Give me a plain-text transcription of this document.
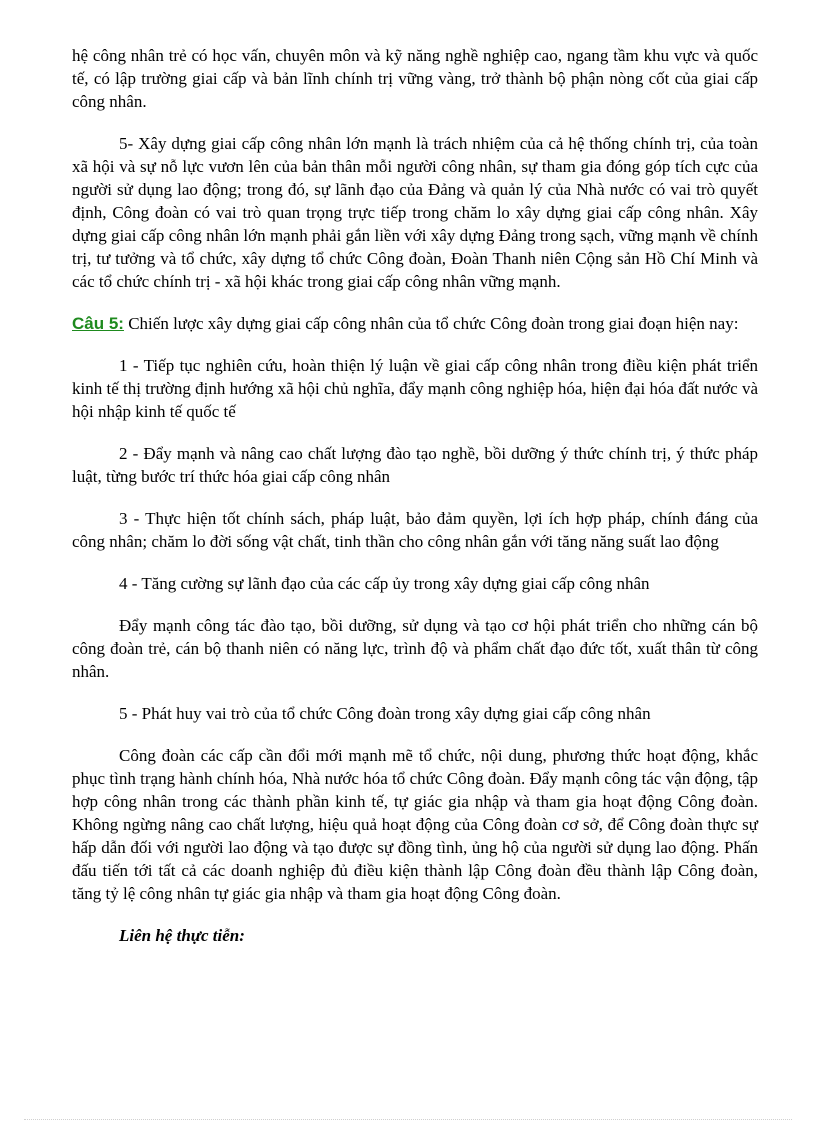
hệ công nhân trẻ có học vấn, chuyên môn và kỹ năng nghề nghiệp cao, ngang tầm khu vực và quốc tế, có lập trường giai cấp và bản lĩnh chính trị vững vàng, trở thành bộ phận nòng cốt của giai cấp công nhân.

5- Xây dựng giai cấp công nhân lớn mạnh là trách nhiệm của cả hệ thống chính trị, của toàn xã hội và sự nỗ lực vươn lên của bản thân mỗi người công nhân, sự tham gia đóng góp tích cực của người sử dụng lao động; trong đó, sự lãnh đạo của Đảng và quản lý của Nhà nước có vai trò quyết định, Công đoàn có vai trò quan trọng trực tiếp trong chăm lo xây dựng giai cấp công nhân. Xây dựng giai cấp công nhân lớn mạnh phải gắn liền với xây dựng Đảng trong sạch, vững mạnh về chính trị, tư tưởng và tổ chức, xây dựng tổ chức Công đoàn, Đoàn Thanh niên Cộng sản Hồ Chí Minh và các tổ chức chính trị - xã hội khác trong giai cấp công nhân vững mạnh.

Câu 5: Chiến lược xây dựng giai cấp công nhân của tổ chức Công đoàn trong giai đoạn hiện nay:

1 - Tiếp tục nghiên cứu, hoàn thiện lý luận về giai cấp công nhân trong điều kiện phát triển kinh tế thị trường định hướng xã hội chủ nghĩa, đẩy mạnh công nghiệp hóa, hiện đại hóa đất nước và hội nhập kinh tế quốc tế

2 - Đẩy mạnh và nâng cao chất lượng đào tạo nghề, bồi dưỡng ý thức chính trị, ý thức pháp luật, từng bước trí thức hóa giai cấp công nhân

3 - Thực hiện tốt chính sách, pháp luật, bảo đảm quyền, lợi ích hợp pháp, chính đáng của công nhân; chăm lo đời sống vật chất, tinh thần cho công nhân gắn với tăng năng suất lao động

4 - Tăng cường sự lãnh đạo của các cấp ủy trong xây dựng giai cấp công nhân

Đẩy mạnh công tác đào tạo, bồi dưỡng, sử dụng và tạo cơ hội phát triển cho những cán bộ công đoàn trẻ, cán bộ thanh niên có năng lực, trình độ và phẩm chất đạo đức tốt, xuất thân từ công nhân.

5 - Phát huy vai trò của tổ chức Công đoàn trong xây dựng giai cấp công nhân

Công đoàn các cấp cần đổi mới mạnh mẽ tổ chức, nội dung, phương thức hoạt động, khắc phục tình trạng hành chính hóa, Nhà nước hóa tổ chức Công đoàn. Đẩy mạnh công tác vận động, tập hợp công nhân trong các thành phần kinh tế, tự giác gia nhập và tham gia hoạt động Công đoàn. Không ngừng nâng cao chất lượng, hiệu quả hoạt động của Công đoàn cơ sở, để Công đoàn thực sự hấp dẫn đối với người lao động và tạo được sự đồng tình, ủng hộ của người sử dụng lao động. Phấn đấu tiến tới tất cả các doanh nghiệp đủ điều kiện thành lập Công đoàn đều thành lập Công đoàn, tăng tỷ lệ công nhân tự giác gia nhập và tham gia hoạt động Công đoàn.

Liên hệ thực tiễn:
